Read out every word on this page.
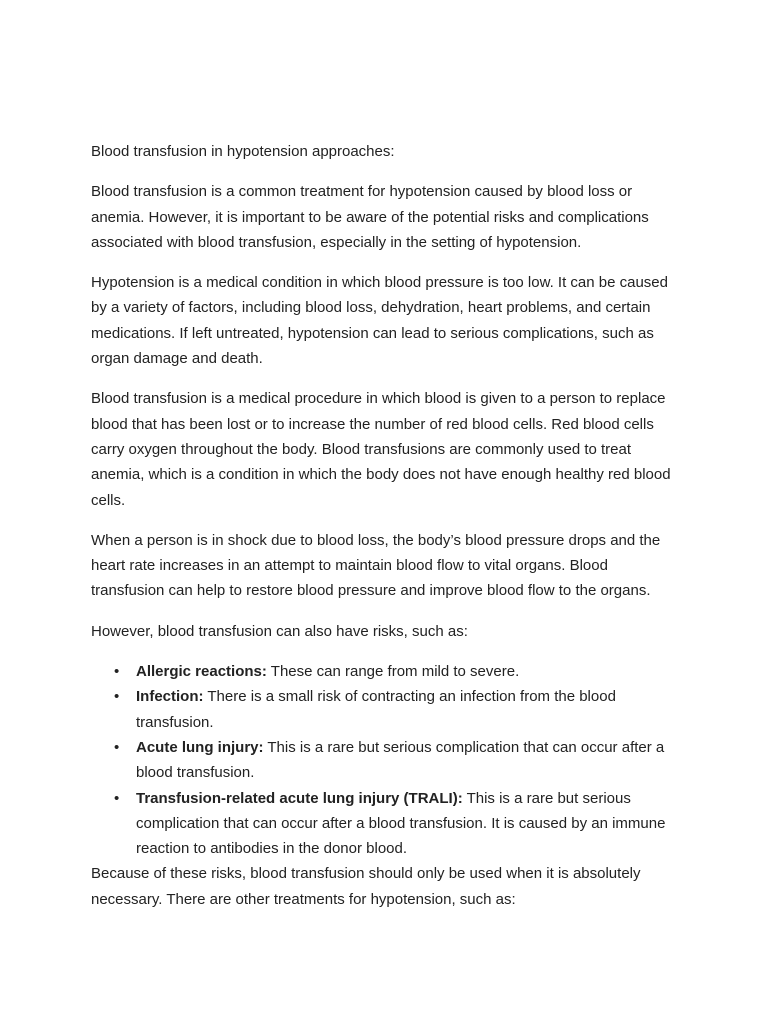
Blood transfusion in hypotension approaches:

Blood transfusion is a common treatment for hypotension caused by blood loss or anemia. However, it is important to be aware of the potential risks and complications associated with blood transfusion, especially in the setting of hypotension.

Hypotension is a medical condition in which blood pressure is too low. It can be caused by a variety of factors, including blood loss, dehydration, heart problems, and certain medications. If left untreated, hypotension can lead to serious complications, such as organ damage and death.

Blood transfusion is a medical procedure in which blood is given to a person to replace blood that has been lost or to increase the number of red blood cells. Red blood cells carry oxygen throughout the body. Blood transfusions are commonly used to treat anemia, which is a condition in which the body does not have enough healthy red blood cells.

When a person is in shock due to blood loss, the body’s blood pressure drops and the heart rate increases in an attempt to maintain blood flow to vital organs. Blood transfusion can help to restore blood pressure and improve blood flow to the organs.

However, blood transfusion can also have risks, such as:

• Allergic reactions: These can range from mild to severe.
• Infection: There is a small risk of contracting an infection from the blood transfusion.
• Acute lung injury: This is a rare but serious complication that can occur after a blood transfusion.
• Transfusion-related acute lung injury (TRALI): This is a rare but serious complication that can occur after a blood transfusion. It is caused by an immune reaction to antibodies in the donor blood.

Because of these risks, blood transfusion should only be used when it is absolutely necessary. There are other treatments for hypotension, such as:
